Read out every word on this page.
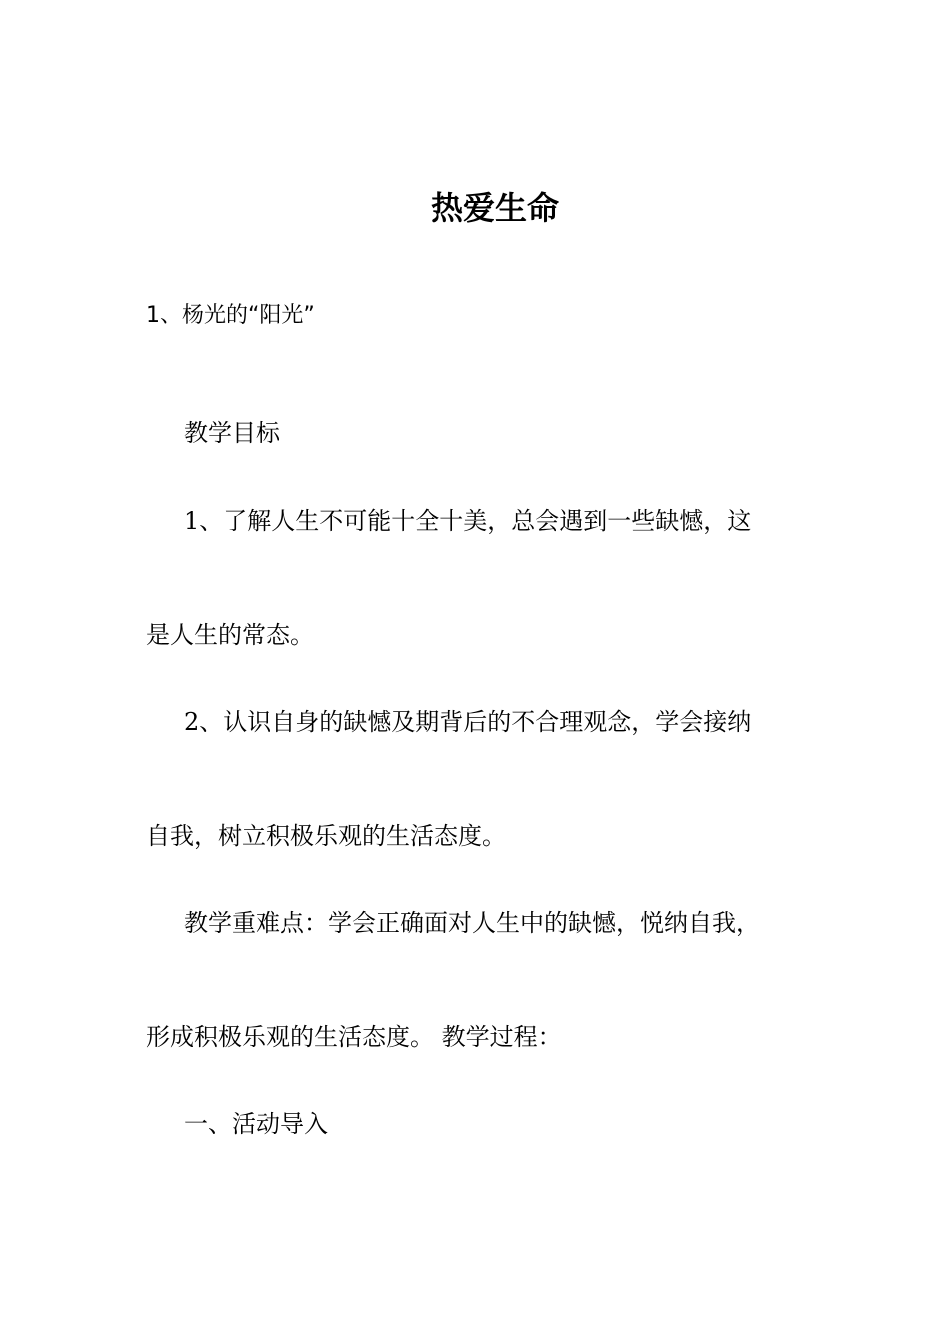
热爱生命
1、杨光的“阳光”
教学目标
1、了解人生不可能十全十美，总会遇到一些缺憾，这
是人生的常态。
2、认识自身的缺憾及期背后的不合理观念，学会接纳
自我，树立积极乐观的生活态度。
教学重难点：学会正确面对人生中的缺憾，悦纳自我，
形成积极乐观的生活态度。 教学过程：
一、活动导入
